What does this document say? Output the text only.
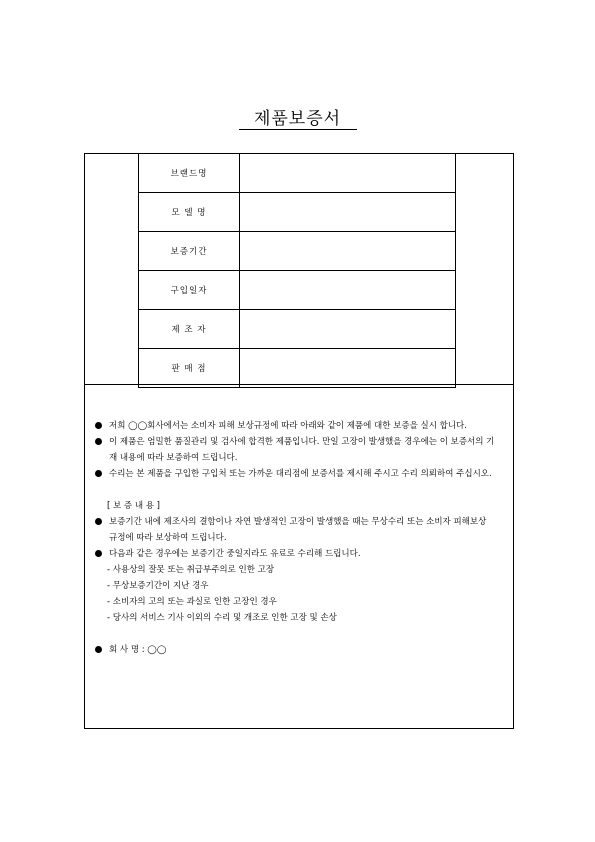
제품보증서
브랜드명	
모 델 명	
보증기간	
구입일자	
제 조 자	
판 매 점	
저희 ◯◯회사에서는 소비자 피해 보상규정에 따라 아래와 같이 제품에 대한 보증을 실시 합니다.
이 제품은 엄밀한 품질관리 및 검사에 합격한 제품입니다. 만일 고장이 발생했을 경우에는 이 보증서의 기재 내용에 따라 보증하여 드립니다.
수리는 본 제품을 구입한 구입처 또는 가까운 대리점에 보증서를 제시해 주시고 수리 의뢰하여 주십시오.
[ 보 증 내 용 ]
보증기간 내에 제조사의 결함이나 자연 발생적인 고장이 발생했을 때는 무상수리 또는 소비자 피해보상 규정에 따라 보상하여 드립니다.
다음과 같은 경우에는 보증기간 중일지라도 유료로 수리해 드립니다.
- 사용상의 잘못 또는 취급부주의로 인한 고장
- 무상보증기간이 지난 경우
- 소비자의 고의 또는 과실로 인한 고장인 경우
- 당사의 서비스 기사 이외의 수리 및 개조로 인한 고장 및 손상
회 사 명 : ◯◯
